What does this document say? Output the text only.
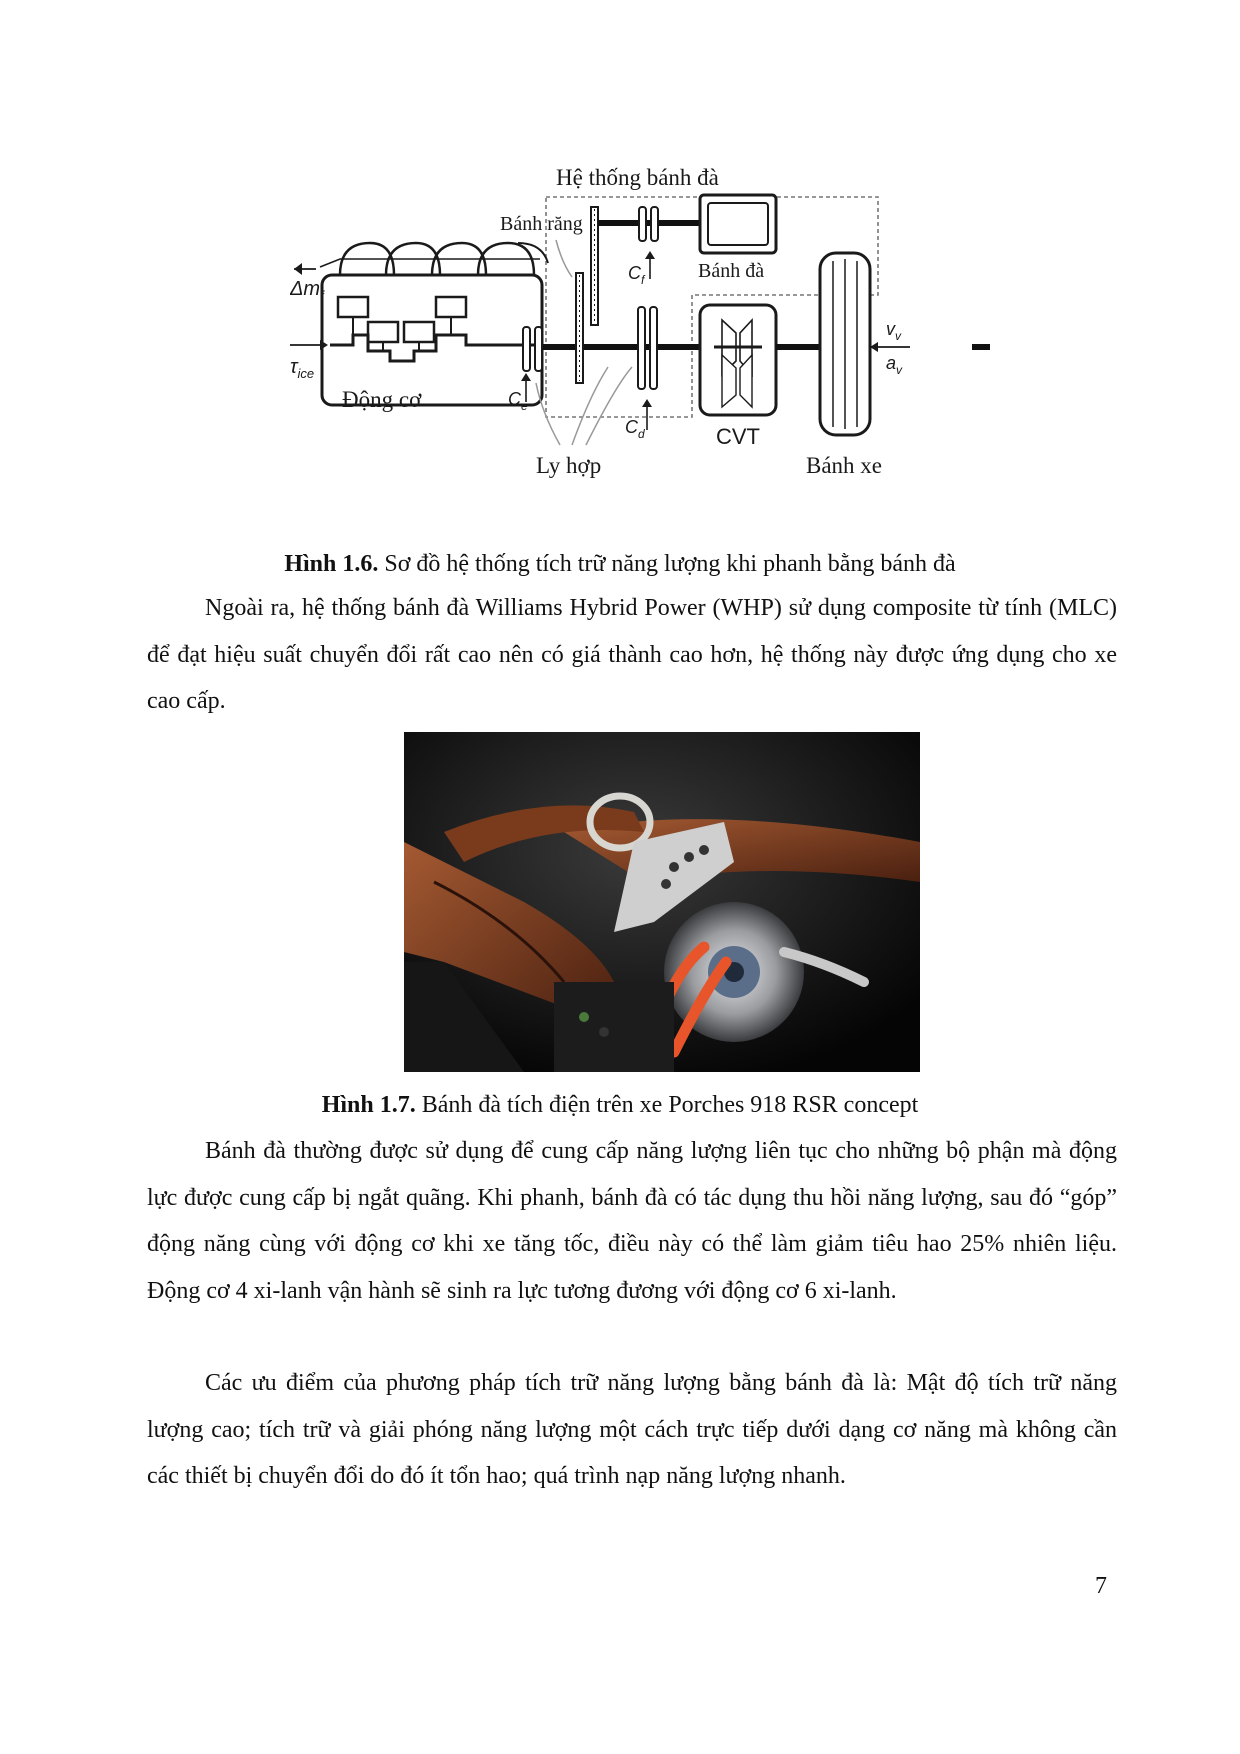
Hệ thống bánh đà
$\Delta m_f$
$\tau_{ice}$
Động cơ	$C_e$
Bánh răng
$C_f$	Bánh đà
$C_d$
Ly hợp
CVT
$v_v$
$a_v$
Bánh xe
Hình 1.6. Sơ đồ hệ thống tích trữ năng lượng khi phanh bằng bánh đà

Ngoài ra, hệ thống bánh đà Williams Hybrid Power (WHP) sử dụng composite từ tính (MLC) để đạt hiệu suất chuyển đổi rất cao nên có giá thành cao hơn, hệ thống này được ứng dụng cho xe cao cấp.

Hình 1.7. Bánh đà tích điện trên xe Porches 918 RSR concept

Bánh đà thường được sử dụng để cung cấp năng lượng liên tục cho những bộ phận mà động lực được cung cấp bị ngắt quãng. Khi phanh, bánh đà có tác dụng thu hồi năng lượng, sau đó “góp” động năng cùng với động cơ khi xe tăng tốc, điều này có thể làm giảm tiêu hao 25% nhiên liệu. Động cơ 4 xi-lanh vận hành sẽ sinh ra lực tương đương với động cơ 6 xi-lanh.

Các ưu điểm của phương pháp tích trữ năng lượng bằng bánh đà là: Mật độ tích trữ năng lượng cao; tích trữ và giải phóng năng lượng một cách trực tiếp dưới dạng cơ năng mà không cần các thiết bị chuyển đổi do đó ít tổn hao; quá trình nạp năng lượng nhanh.

7
